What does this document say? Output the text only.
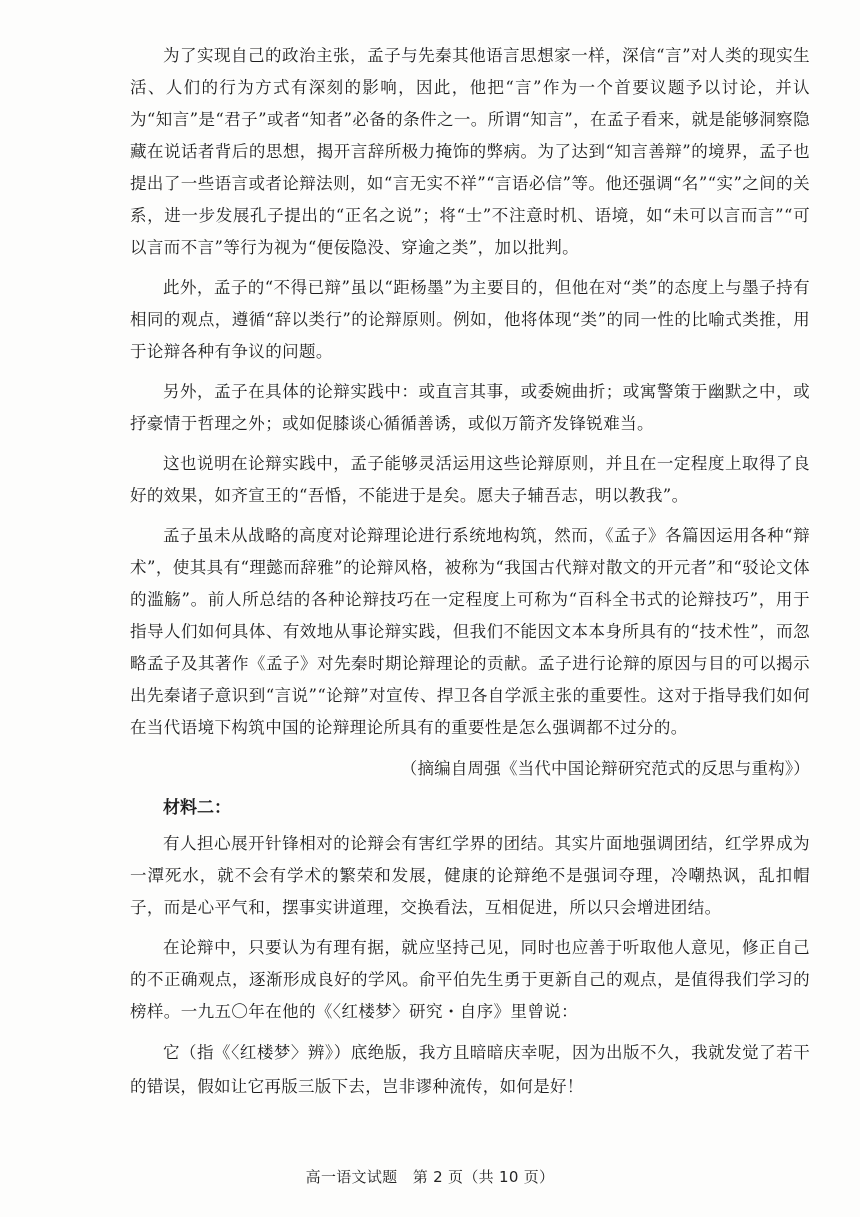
为了实现自己的政治主张，孟子与先秦其他语言思想家一样，深信“言”对人类的现实生活、人们的行为方式有深刻的影响，因此，他把“言”作为一个首要议题予以讨论，并认为“知言”是“君子”或者“知者”必备的条件之一。所谓“知言”，在孟子看来，就是能够洞察隐藏在说话者背后的思想，揭开言辞所极力掩饰的弊病。为了达到“知言善辩”的境界，孟子也提出了一些语言或者论辩法则，如“言无实不祥”“言语必信”等。他还强调“名”“实”之间的关系，进一步发展孔子提出的“正名之说”；将“士”不注意时机、语境，如“未可以言而言”“可以言而不言”等行为视为“便佞隐没、穿逾之类”，加以批判。

此外，孟子的“不得已辩”虽以“距杨墨”为主要目的，但他在对“类”的态度上与墨子持有相同的观点，遵循“辞以类行”的论辩原则。例如，他将体现“类”的同一性的比喻式类推，用于论辩各种有争议的问题。

另外，孟子在具体的论辩实践中：或直言其事，或委婉曲折；或寓警策于幽默之中，或抒豪情于哲理之外；或如促膝谈心循循善诱，或似万箭齐发锋锐难当。

这也说明在论辩实践中，孟子能够灵活运用这些论辩原则，并且在一定程度上取得了良好的效果，如齐宣王的“吾惛，不能进于是矣。愿夫子辅吾志，明以教我”。

孟子虽未从战略的高度对论辩理论进行系统地构筑，然而，《孟子》各篇因运用各种“辩术”，使其具有“理懿而辞雅”的论辩风格，被称为“我国古代辩对散文的开元者”和“驳论文体的滥觞”。前人所总结的各种论辩技巧在一定程度上可称为“百科全书式的论辩技巧”，用于指导人们如何具体、有效地从事论辩实践，但我们不能因文本本身所具有的“技术性”，而忽略孟子及其著作《孟子》对先秦时期论辩理论的贡献。孟子进行论辩的原因与目的可以揭示出先秦诸子意识到“言说”“论辩”对宣传、捍卫各自学派主张的重要性。这对于指导我们如何在当代语境下构筑中国的论辩理论所具有的重要性是怎么强调都不过分的。

（摘编自周强《当代中国论辩研究范式的反思与重构》）

材料二：

有人担心展开针锋相对的论辩会有害红学界的团结。其实片面地强调团结，红学界成为一潭死水，就不会有学术的繁荣和发展，健康的论辩绝不是强词夺理，冷嘲热讽，乱扣帽子，而是心平气和，摆事实讲道理，交换看法，互相促进，所以只会增进团结。

在论辩中，只要认为有理有据，就应坚持己见，同时也应善于听取他人意见，修正自己的不正确观点，逐渐形成良好的学风。俞平伯先生勇于更新自己的观点，是值得我们学习的榜样。一九五〇年在他的《〈红楼梦〉研究・自序》里曾说：

它（指《〈红楼梦〉辨》）底绝版，我方且暗暗庆幸呢，因为出版不久，我就发觉了若干的错误，假如让它再版三版下去，岂非谬种流传，如何是好！

高一语文试题　第 2 页（共 10 页）
